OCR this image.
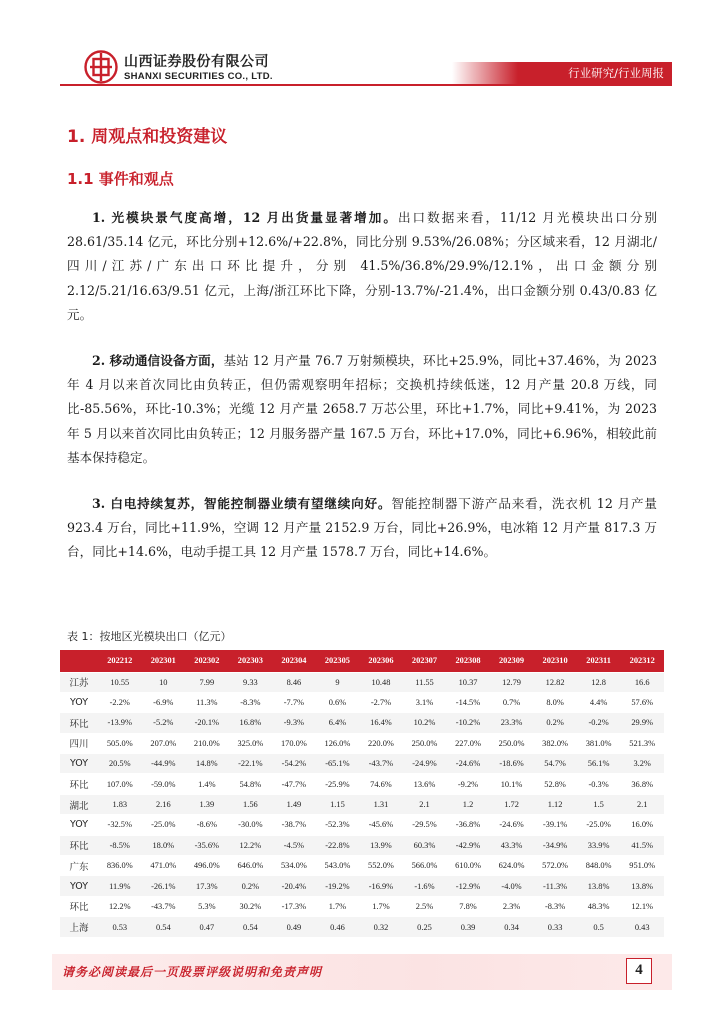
山西证券股份有限公司
SHANXI SECURITIES CO., LTD.	行业研究/行业周报
1. 周观点和投资建议
1.1 事件和观点
1. 光模块景气度高增，12 月出货量显著增加。出口数据来看，11/12 月光模块出口分别 28.61/35.14 亿元，环比分别+12.6%/+22.8%，同比分别 9.53%/26.08%；分区域来看，12 月湖北/四川/江苏/广东出口环比提升，分别 41.5%/36.8%/29.9%/12.1%，出口金额分别 2.12/5.21/16.63/9.51 亿元，上海/浙江环比下降，分别-13.7%/-21.4%，出口金额分别 0.43/0.83 亿元。
2. 移动通信设备方面，基站 12 月产量 76.7 万射频模块，环比+25.9%，同比+37.46%，为 2023 年 4 月以来首次同比由负转正，但仍需观察明年招标；交换机持续低迷，12 月产量 20.8 万线，同比-85.56%，环比-10.3%；光缆 12 月产量 2658.7 万芯公里，环比+1.7%，同比+9.41%，为 2023 年 5 月以来首次同比由负转正；12 月服务器产量 167.5 万台，环比+17.0%，同比+6.96%，相较此前基本保持稳定。
3. 白电持续复苏，智能控制器业绩有望继续向好。智能控制器下游产品来看，洗衣机 12 月产量 923.4 万台，同比+11.9%，空调 12 月产量 2152.9 万台，同比+26.9%，电冰箱 12 月产量 817.3 万台，同比+14.6%，电动手提工具 12 月产量 1578.7 万台，同比+14.6%。
表 1：按地区光模块出口（亿元）
	202212	202301	202302	202303	202304	202305	202306	202307	202308	202309	202310	202311	202312
江苏	10.55	10	7.99	9.33	8.46	9	10.48	11.55	10.37	12.79	12.82	12.8	16.6
YOY	-2.2%	-6.9%	11.3%	-8.3%	-7.7%	0.6%	-2.7%	3.1%	-14.5%	0.7%	8.0%	4.4%	57.6%
环比	-13.9%	-5.2%	-20.1%	16.8%	-9.3%	6.4%	16.4%	10.2%	-10.2%	23.3%	0.2%	-0.2%	29.9%
四川	505.0%	207.0%	210.0%	325.0%	170.0%	126.0%	220.0%	250.0%	227.0%	250.0%	382.0%	381.0%	521.3%
YOY	20.5%	-44.9%	14.8%	-22.1%	-54.2%	-65.1%	-43.7%	-24.9%	-24.6%	-18.6%	54.7%	56.1%	3.2%
环比	107.0%	-59.0%	1.4%	54.8%	-47.7%	-25.9%	74.6%	13.6%	-9.2%	10.1%	52.8%	-0.3%	36.8%
湖北	1.83	2.16	1.39	1.56	1.49	1.15	1.31	2.1	1.2	1.72	1.12	1.5	2.1
YOY	-32.5%	-25.0%	-8.6%	-30.0%	-38.7%	-52.3%	-45.6%	-29.5%	-36.8%	-24.6%	-39.1%	-25.0%	16.0%
环比	-8.5%	18.0%	-35.6%	12.2%	-4.5%	-22.8%	13.9%	60.3%	-42.9%	43.3%	-34.9%	33.9%	41.5%
广东	836.0%	471.0%	496.0%	646.0%	534.0%	543.0%	552.0%	566.0%	610.0%	624.0%	572.0%	848.0%	951.0%
YOY	11.9%	-26.1%	17.3%	0.2%	-20.4%	-19.2%	-16.9%	-1.6%	-12.9%	-4.0%	-11.3%	13.8%	13.8%
环比	12.2%	-43.7%	5.3%	30.2%	-17.3%	1.7%	1.7%	2.5%	7.8%	2.3%	-8.3%	48.3%	12.1%
上海	0.53	0.54	0.47	0.54	0.49	0.46	0.32	0.25	0.39	0.34	0.33	0.5	0.43
请务必阅读最后一页股票评级说明和免责声明	4
